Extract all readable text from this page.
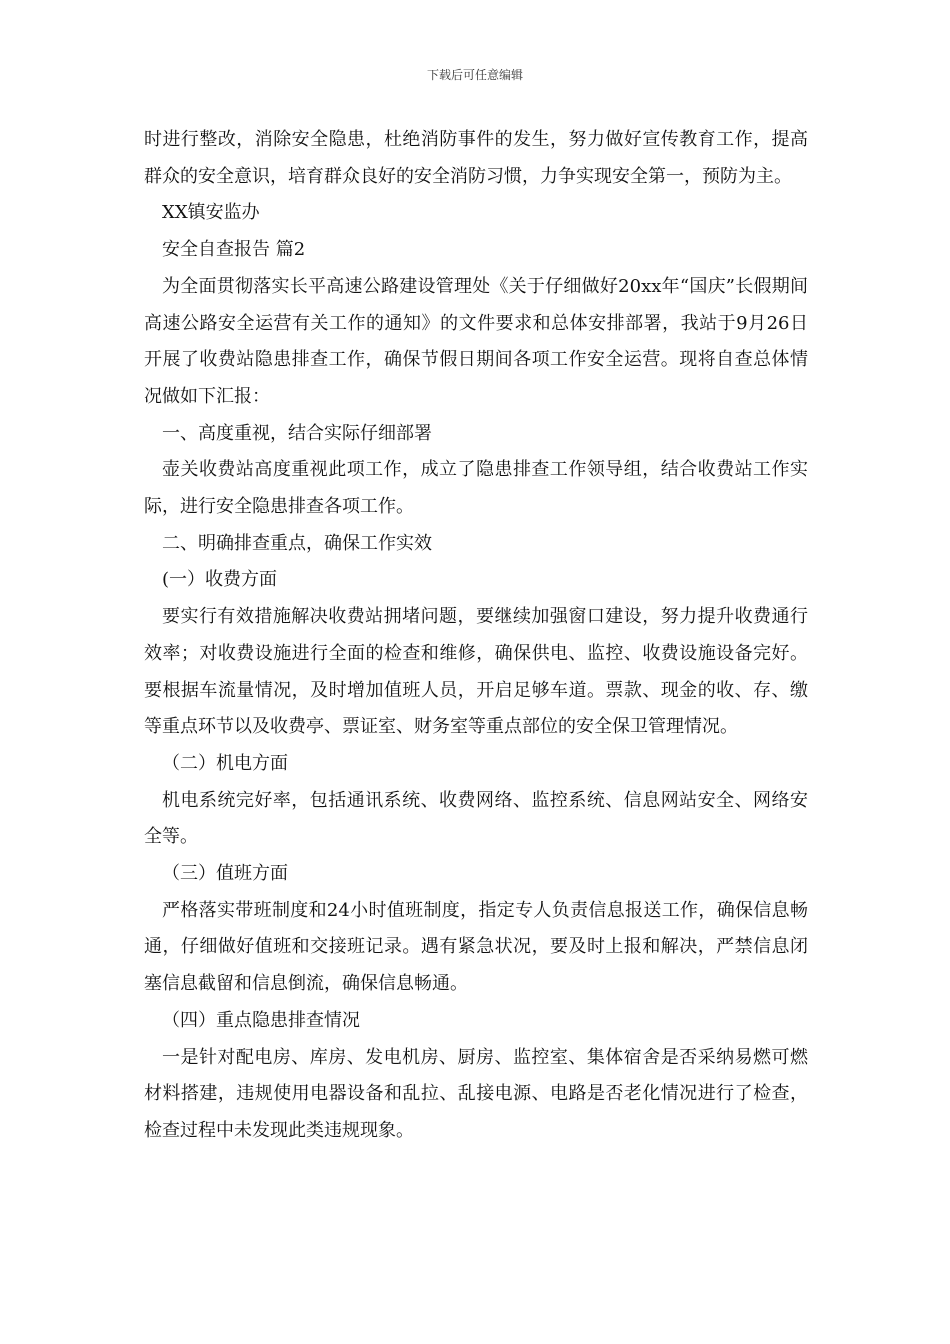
下载后可任意编辑

时进行整改，消除安全隐患，杜绝消防事件的发生，努力做好宣传教育工作，提高群众的安全意识，培育群众良好的安全消防习惯，力争实现安全第一，预防为主。

XX镇安监办

安全自查报告 篇2

为全面贯彻落实长平高速公路建设管理处《关于仔细做好20xx年“国庆”长假期间高速公路安全运营有关工作的通知》的文件要求和总体安排部署，我站于9月26日开展了收费站隐患排查工作，确保节假日期间各项工作安全运营。现将自查总体情况做如下汇报：

一、高度重视，结合实际仔细部署

壶关收费站高度重视此项工作，成立了隐患排查工作领导组，结合收费站工作实际，进行安全隐患排查各项工作。

二、明确排查重点，确保工作实效

(一）收费方面

要实行有效措施解决收费站拥堵问题，要继续加强窗口建设，努力提升收费通行效率；对收费设施进行全面的检查和维修，确保供电、监控、收费设施设备完好。要根据车流量情况，及时增加值班人员，开启足够车道。票款、现金的收、存、缴等重点环节以及收费亭、票证室、财务室等重点部位的安全保卫管理情况。

（二）机电方面

机电系统完好率，包括通讯系统、收费网络、监控系统、信息网站安全、网络安全等。

（三）值班方面

严格落实带班制度和24小时值班制度，指定专人负责信息报送工作，确保信息畅通，仔细做好值班和交接班记录。遇有紧急状况，要及时上报和解决，严禁信息闭塞信息截留和信息倒流，确保信息畅通。

（四）重点隐患排查情况

一是针对配电房、库房、发电机房、厨房、监控室、集体宿舍是否采纳易燃可燃材料搭建，违规使用电器设备和乱拉、乱接电源、电路是否老化情况进行了检查，检查过程中未发现此类违规现象。
